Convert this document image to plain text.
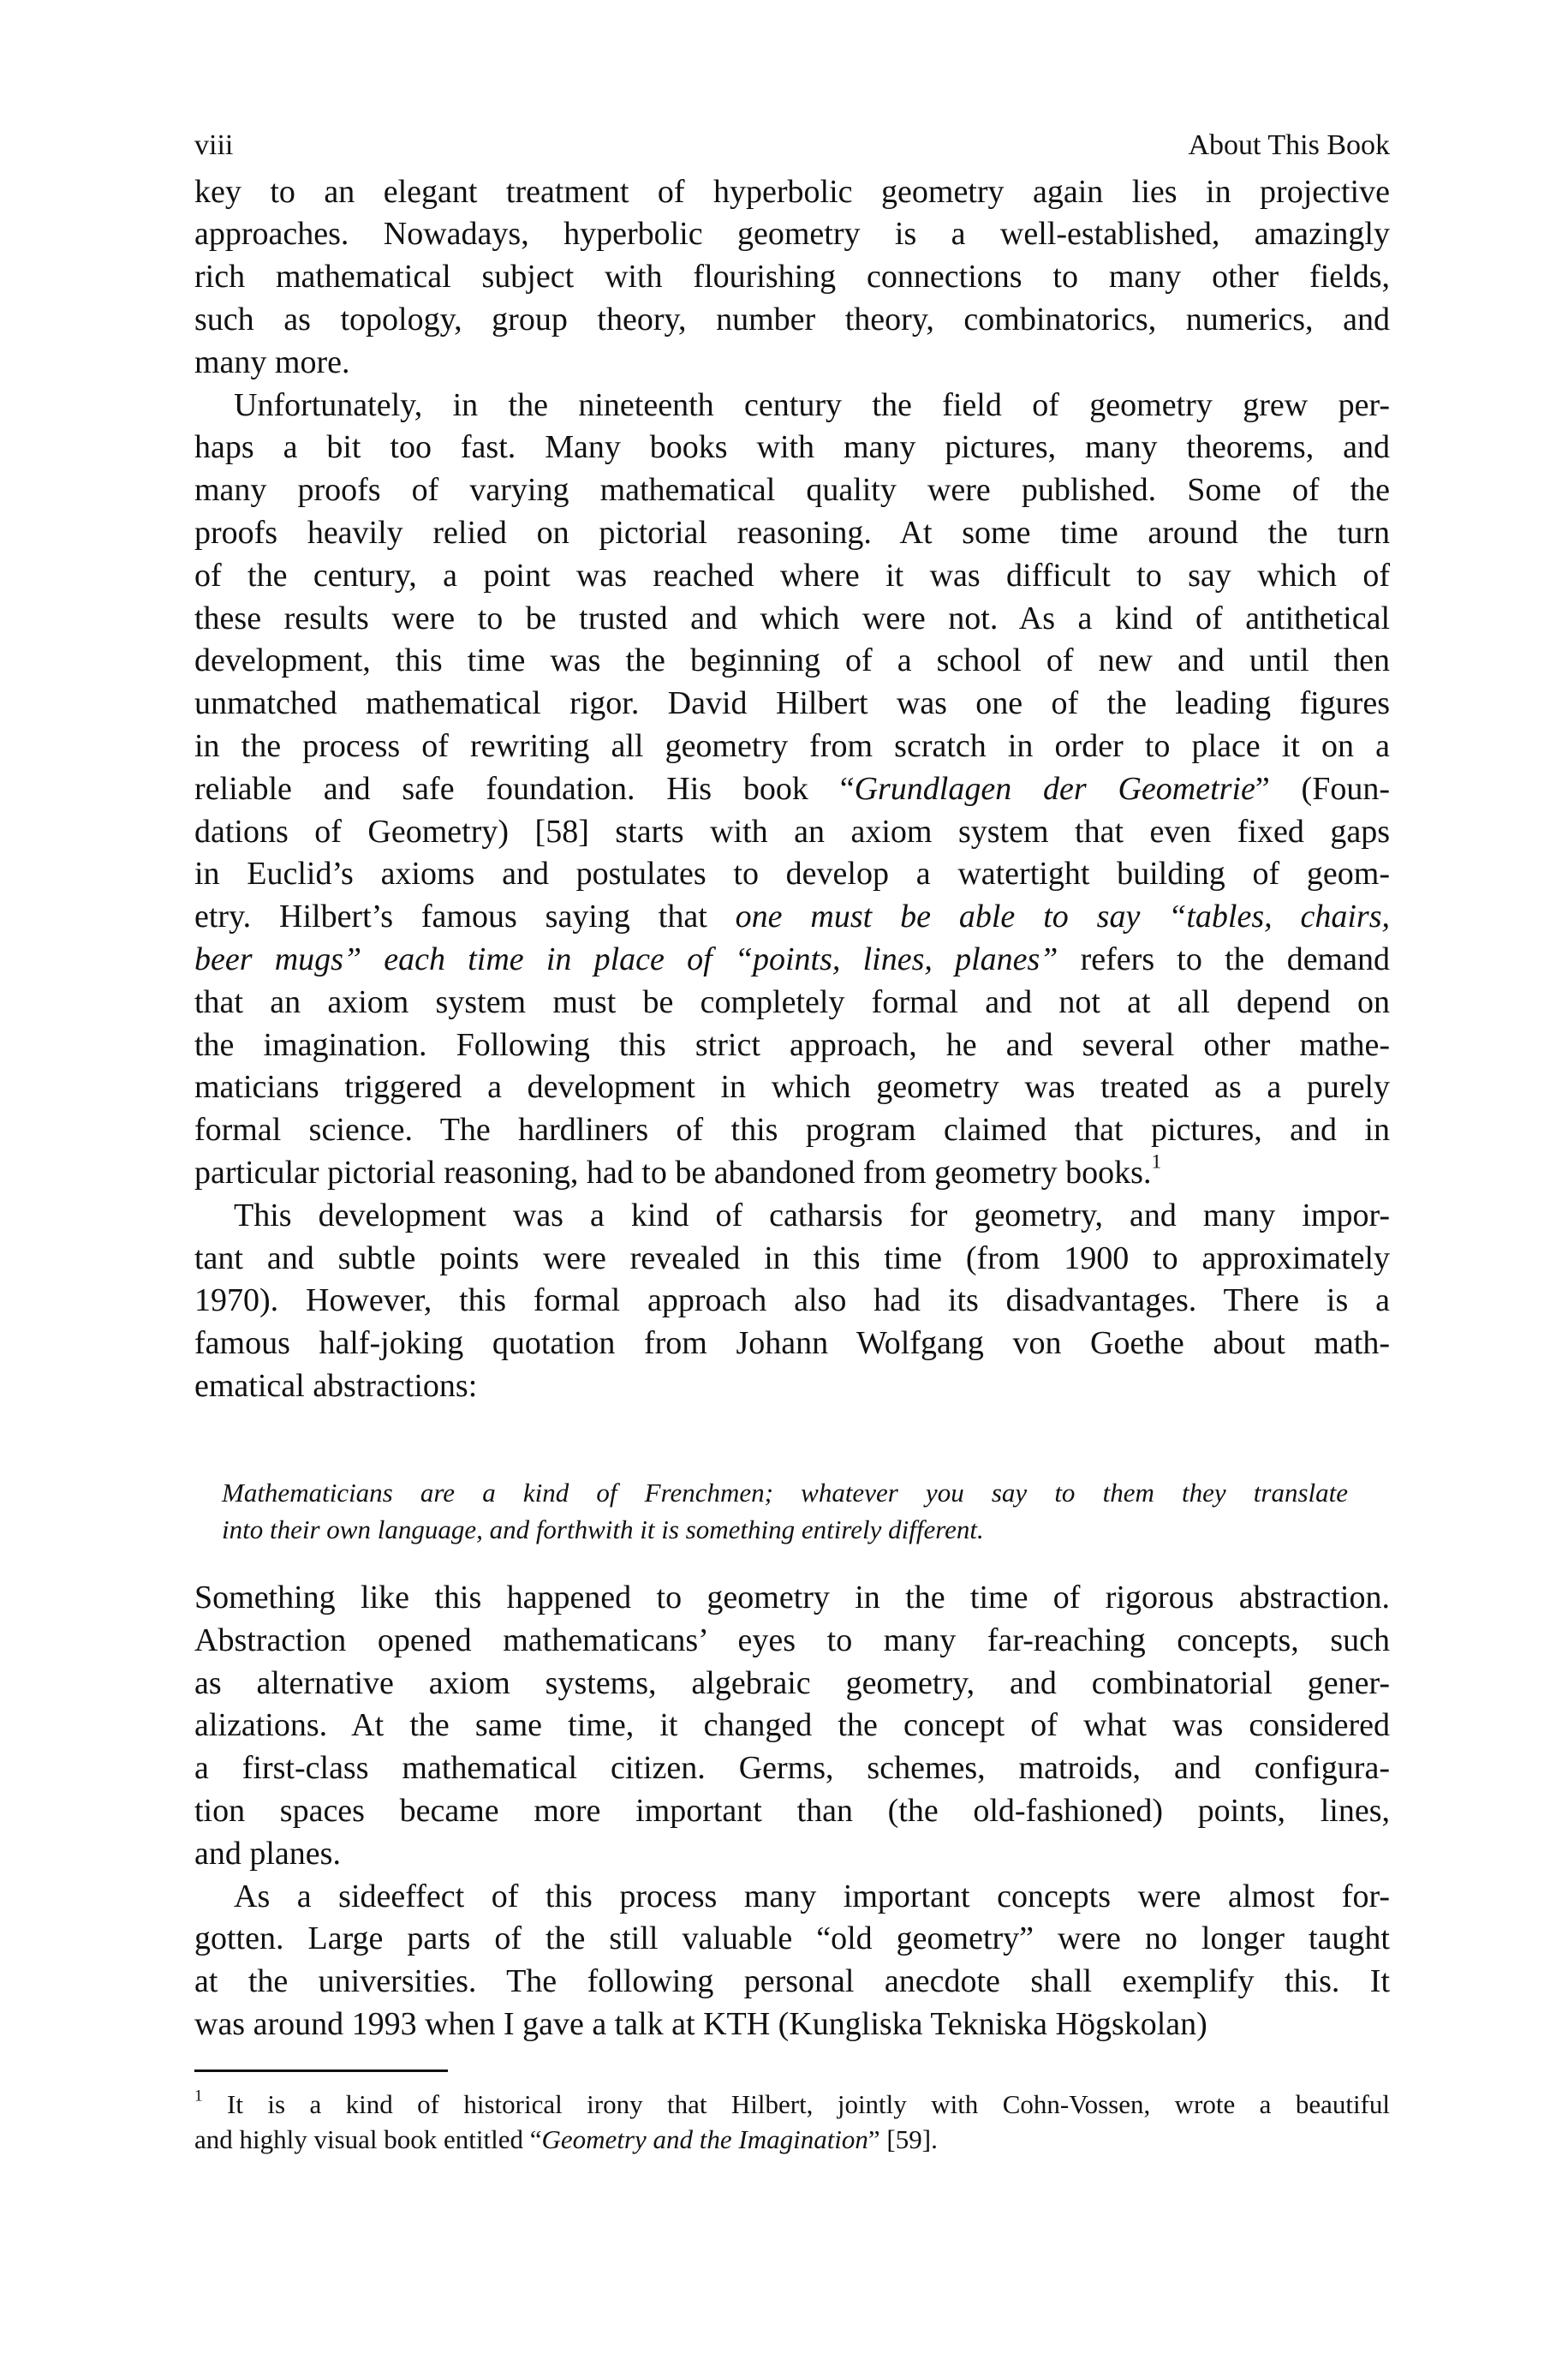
viii	About This Book
key to an elegant treatment of hyperbolic geometry again lies in projective
approaches. Nowadays, hyperbolic geometry is a well-established, amazingly
rich mathematical subject with flourishing connections to many other fields,
such as topology, group theory, number theory, combinatorics, numerics, and
many more.
Unfortunately, in the nineteenth century the field of geometry grew per-
haps a bit too fast. Many books with many pictures, many theorems, and
many proofs of varying mathematical quality were published. Some of the
proofs heavily relied on pictorial reasoning. At some time around the turn
of the century, a point was reached where it was difficult to say which of
these results were to be trusted and which were not. As a kind of antithetical
development, this time was the beginning of a school of new and until then
unmatched mathematical rigor. David Hilbert was one of the leading figures
in the process of rewriting all geometry from scratch in order to place it on a
reliable and safe foundation. His book “Grundlagen der Geometrie” (Foun-
dations of Geometry) [58] starts with an axiom system that even fixed gaps
in Euclid’s axioms and postulates to develop a watertight building of geom-
etry. Hilbert’s famous saying that one must be able to say “tables, chairs,
beer mugs” each time in place of “points, lines, planes” refers to the demand
that an axiom system must be completely formal and not at all depend on
the imagination. Following this strict approach, he and several other mathe-
maticians triggered a development in which geometry was treated as a purely
formal science. The hardliners of this program claimed that pictures, and in
particular pictorial reasoning, had to be abandoned from geometry books.$^1$
This development was a kind of catharsis for geometry, and many impor-
tant and subtle points were revealed in this time (from 1900 to approximately
1970). However, this formal approach also had its disadvantages. There is a
famous half-joking quotation from Johann Wolfgang von Goethe about math-
ematical abstractions:
Mathematicians are a kind of Frenchmen; whatever you say to them they translate
into their own language, and forthwith it is something entirely different.
Something like this happened to geometry in the time of rigorous abstraction.
Abstraction opened mathematicans’ eyes to many far-reaching concepts, such
as alternative axiom systems, algebraic geometry, and combinatorial gener-
alizations. At the same time, it changed the concept of what was considered
a first-class mathematical citizen. Germs, schemes, matroids, and configura-
tion spaces became more important than (the old-fashioned) points, lines,
and planes.
As a sideeffect of this process many important concepts were almost for-
gotten. Large parts of the still valuable “old geometry” were no longer taught
at the universities. The following personal anecdote shall exemplify this. It
was around 1993 when I gave a talk at KTH (Kungliska Tekniska Högskolan)
$^1$ It is a kind of historical irony that Hilbert, jointly with Cohn-Vossen, wrote a beautiful
and highly visual book entitled “Geometry and the Imagination” [59].
